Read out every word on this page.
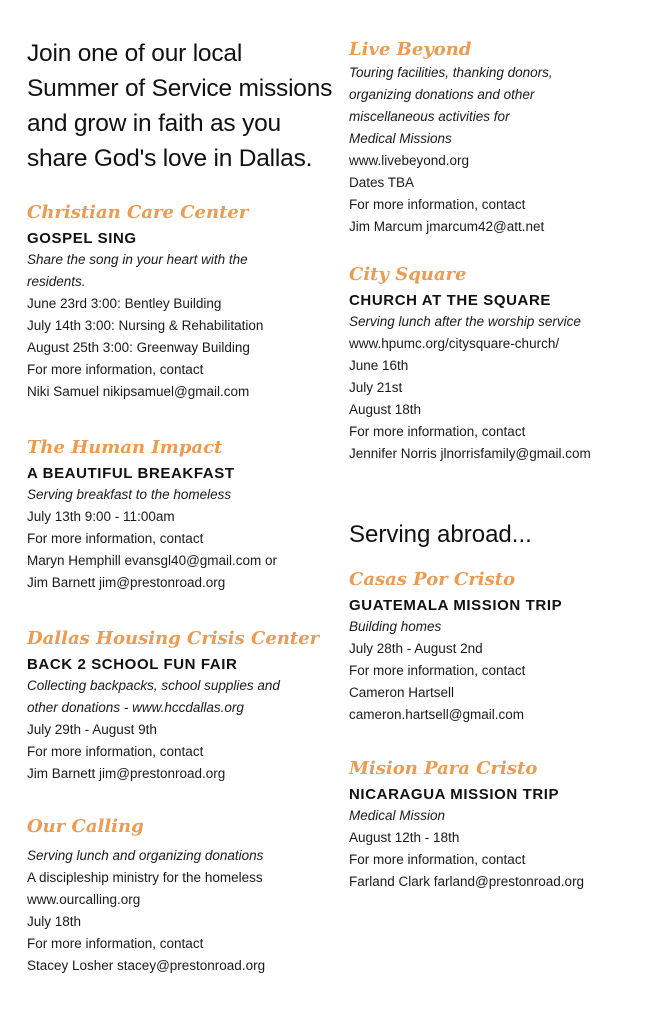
Join one of our local
Summer of Service missions
and grow in faith as you
share God's love in Dallas.
Christian Care Center
GOSPEL SING
Share the song in your heart with the
residents.
June 23rd 3:00: Bentley Building
July 14th 3:00: Nursing & Rehabilitation
August 25th 3:00: Greenway Building
For more information, contact
Niki Samuel nikipsamuel@gmail.com
The Human Impact
A BEAUTIFUL BREAKFAST
Serving breakfast to the homeless
July 13th 9:00 - 11:00am
For more information, contact
Maryn Hemphill evansgl40@gmail.com or
Jim Barnett jim@prestonroad.org
Dallas Housing Crisis Center
BACK 2 SCHOOL FUN FAIR
Collecting backpacks, school supplies and
other donations - www.hccdallas.org
July 29th - August 9th
For more information, contact
Jim Barnett jim@prestonroad.org
Our Calling
Serving lunch and organizing donations
A discipleship ministry for the homeless
www.ourcalling.org
July 18th
For more information, contact
Stacey Losher stacey@prestonroad.org
Live Beyond
Touring facilities, thanking donors,
organizing donations and other
miscellaneous activities for
Medical Missions
www.livebeyond.org
Dates TBA
For more information, contact
Jim Marcum jmarcum42@att.net
City Square
CHURCH AT THE SQUARE
Serving lunch after the worship service
www.hpumc.org/citysquare-church/
June 16th
July 21st
August 18th
For more information, contact
Jennifer Norris jlnorrisfamily@gmail.com
Serving abroad...
Casas Por Cristo
GUATEMALA MISSION TRIP
Building homes
July 28th - August 2nd
For more information, contact
Cameron Hartsell
cameron.hartsell@gmail.com
Mision Para Cristo
NICARAGUA MISSION TRIP
Medical Mission
August 12th - 18th
For more information, contact
Farland Clark farland@prestonroad.org
